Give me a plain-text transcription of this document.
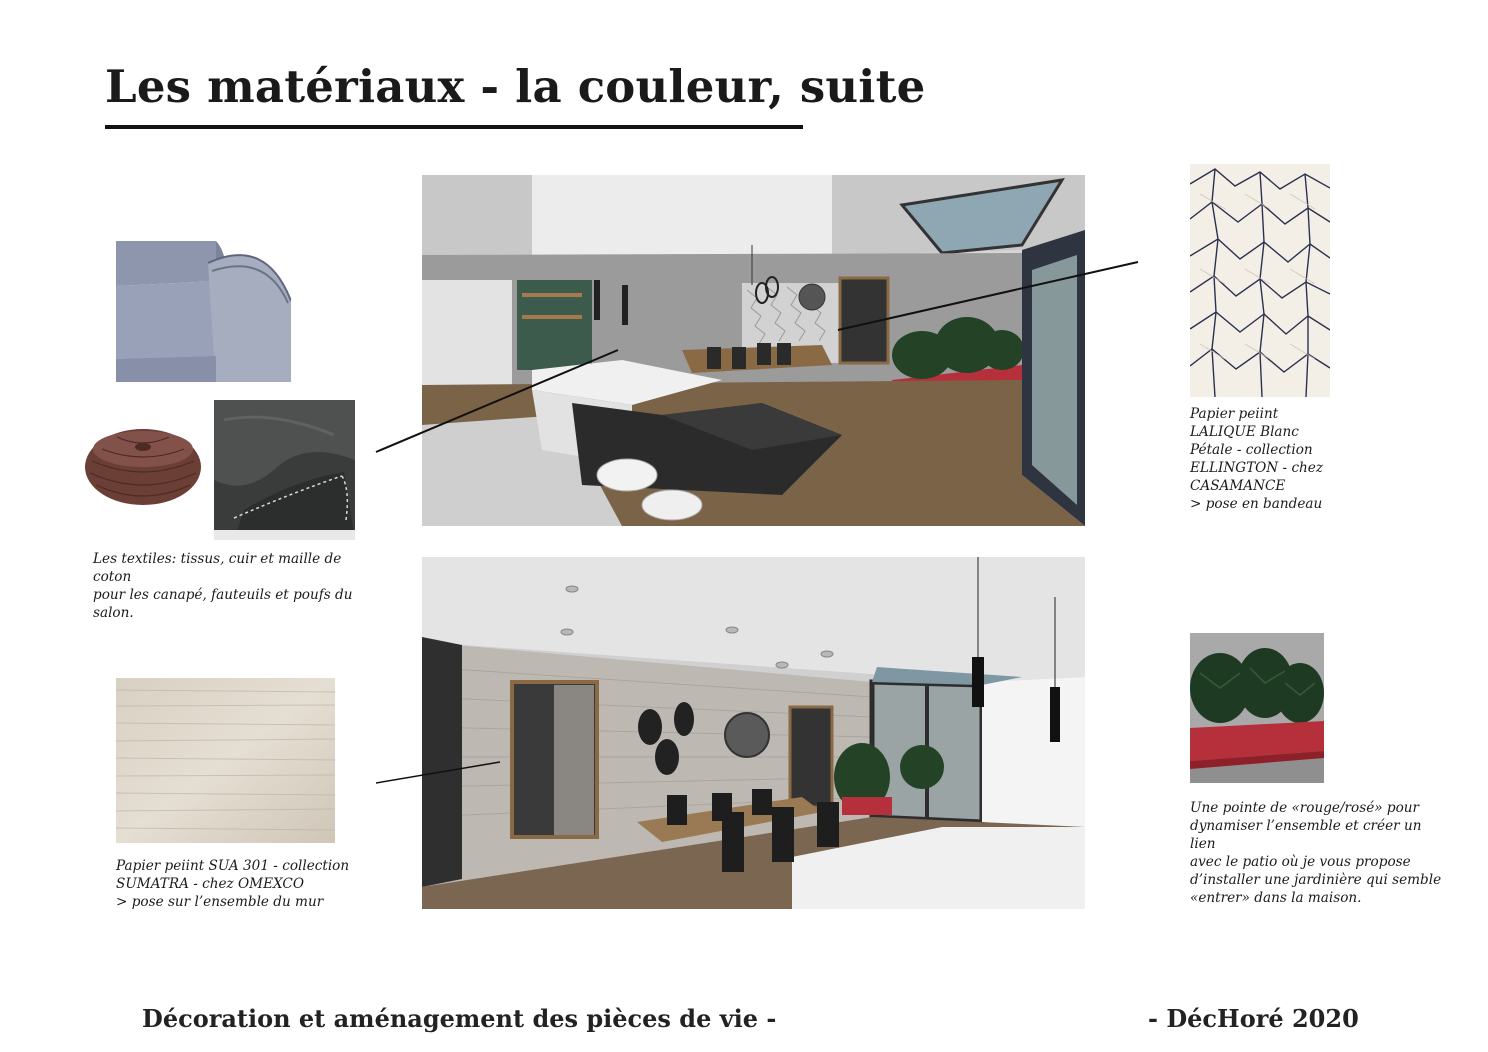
Les matériaux - la couleur, suite
Les textiles: tissus, cuir et maille de coton
pour les canapé, fauteuils et poufs du
salon.
Papier peiint SUA 301 - collection
SUMATRA - chez OMEXCO
> pose sur l’ensemble du mur
Papier peiint
LALIQUE Blanc
Pétale - collection
ELLINGTON - chez
CASAMANCE
> pose en bandeau
Une pointe de «rouge/rosé» pour
dynamiser l’ensemble et créer un lien
avec le patio où je vous propose
d’installer une jardinière qui semble
«entrer» dans la maison.
Décoration et aménagement des pièces de vie -	- DécHoré 2020
